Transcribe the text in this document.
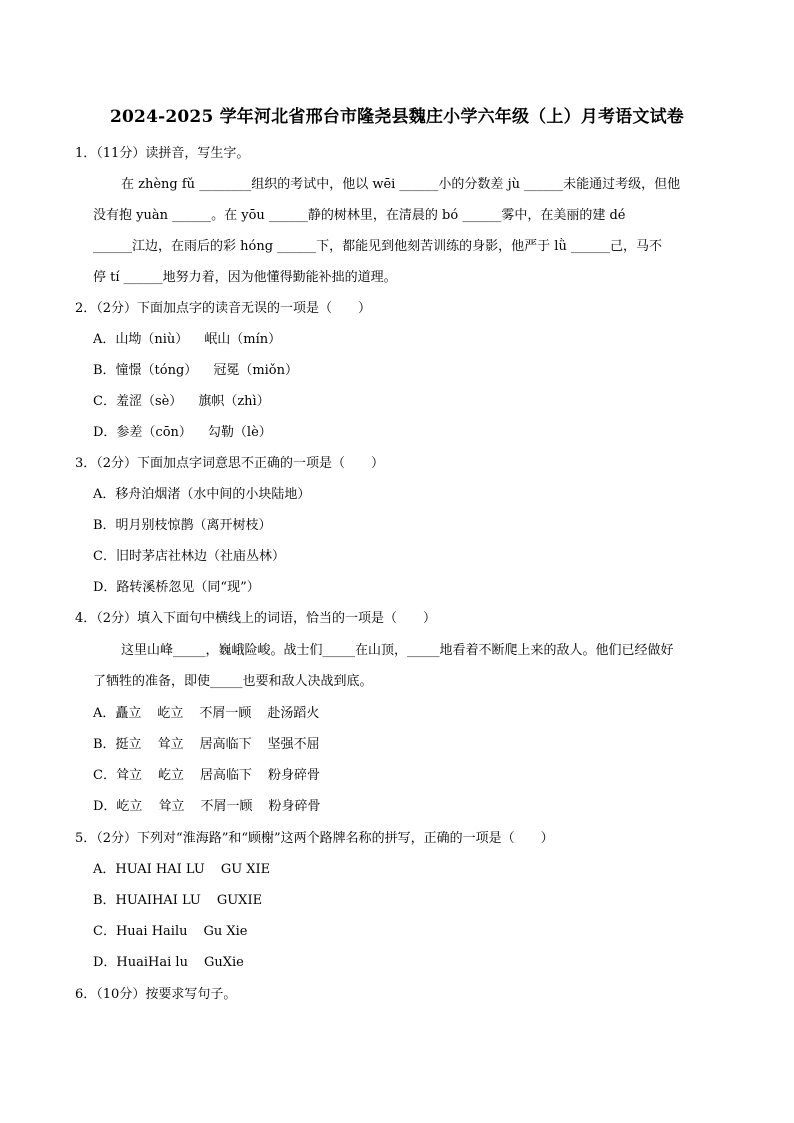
2024-2025 学年河北省邢台市隆尧县魏庄小学六年级（上）月考语文试卷
1．（11分）读拼音，写生字。
在 zhèng fǔ ________组织的考试中，他以 wēi ______小的分数差 jù ______未能通过考级，但他
没有抱 yuàn ______。在 yōu ______静的树林里，在清晨的 bó ______雾中，在美丽的建 dé
______江边，在雨后的彩 hóng ______下，都能见到他刻苦训练的身影，他严于 lǜ ______己，马不
停 tí ______地努力着，因为他懂得勤能补拙的道理。
2．（2分）下面加点字的读音无误的一项是（　　）
A．山坳（niù） 岷山（mín）
B．憧憬（tóng） 冠冕（miǒn）
C．羞涩（sè） 旗帜（zhì）
D．参差（cōn） 勾勒（lè）
3．（2分）下面加点字词意思不正确的一项是（　　）
A．移舟泊烟渚（水中间的小块陆地）
B．明月别枝惊鹊（离开树枝）
C．旧时茅店社林边（社庙丛林）
D．路转溪桥忽见（同“现”）
4．（2分）填入下面句中横线上的词语，恰当的一项是（　　）
这里山峰_____，巍峨险峻。战士们_____在山顶，_____地看着不断爬上来的敌人。他们已经做好
了牺牲的准备，即使_____也要和敌人决战到底。
A．矗立 屹立 不屑一顾 赴汤蹈火
B．挺立 耸立 居高临下 坚强不屈
C．耸立 屹立 居高临下 粉身碎骨
D．屹立 耸立 不屑一顾 粉身碎骨
5．（2分）下列对“淮海路”和“顾榭”这两个路牌名称的拼写，正确的一项是（　　）
A．HUAI HAI LU GU XIE
B．HUAIHAI LU GUXIE
C．Huai Hailu Gu Xie
D．HuaiHai lu GuXie
6．（10分）按要求写句子。
